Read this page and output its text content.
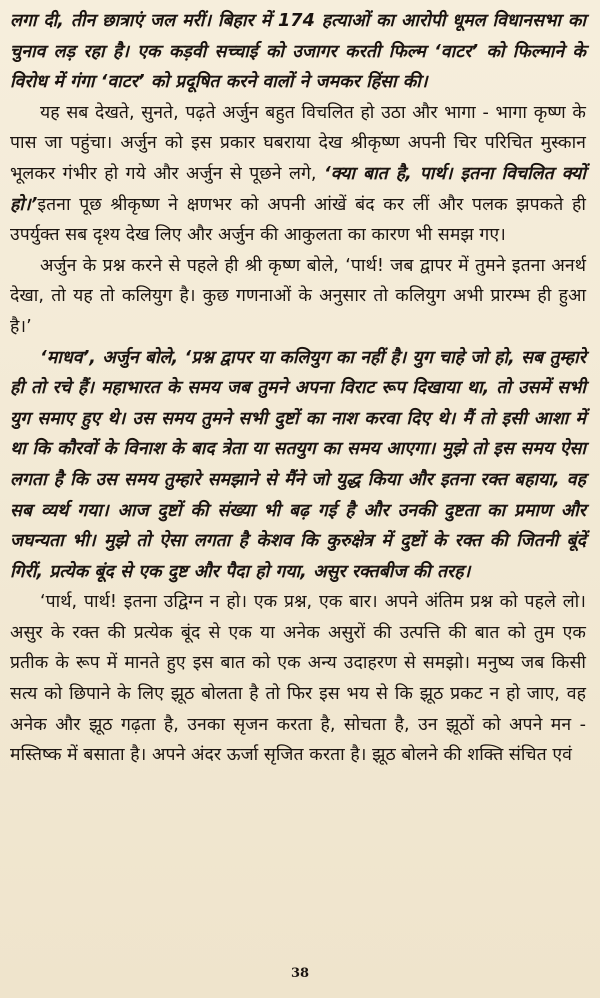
लगा दी, तीन छात्राएं जल मरीं। बिहार में 174 हत्याओं का आरोपी धूमल विधानसभा का चुनाव लड़ रहा है। एक कड़वी सच्चाई को उजागर करती फिल्म ‘वाटर’ को फिल्माने के विरोध में गंगा ‘वाटर’ को प्रदूषित करने वालों ने जमकर हिंसा की।

यह सब देखते, सुनते, पढ़ते अर्जुन बहुत विचलित हो उठा और भागा - भागा कृष्ण के पास जा पहुंचा। अर्जुन को इस प्रकार घबराया देख श्रीकृष्ण अपनी चिर परिचित मुस्कान भूलकर गंभीर हो गये और अर्जुन से पूछने लगे, ‘क्या बात है, पार्थ। इतना विचलित क्यों हो।’इतना पूछ श्रीकृष्ण ने क्षणभर को अपनी आंखें बंद कर लीं और पलक झपकते ही उपर्युक्त सब दृश्य देख लिए और अर्जुन की आकुलता का कारण भी समझ गए।

अर्जुन के प्रश्न करने से पहले ही श्री कृष्ण बोले, ‘पार्थ! जब द्वापर में तुमने इतना अनर्थ देखा, तो यह तो कलियुग है। कुछ गणनाओं के अनुसार तो कलियुग अभी प्रारम्भ ही हुआ है।’

‘माधव’, अर्जुन बोले, ‘प्रश्न द्वापर या कलियुग का नहीं है। युग चाहे जो हो, सब तुम्हारे ही तो रचे हैं। महाभारत के समय जब तुमने अपना विराट रूप दिखाया था, तो उसमें सभी युग समाए हुए थे। उस समय तुमने सभी दुष्टों का नाश करवा दिए थे। मैं तो इसी आशा में था कि कौरवों के विनाश के बाद त्रेता या सतयुग का समय आएगा। मुझे तो इस समय ऐसा लगता है कि उस समय तुम्हारे समझाने से मैंने जो युद्ध किया और इतना रक्त बहाया, वह सब व्यर्थ गया। आज दुष्टों की संख्या भी बढ़ गई है और उनकी दुष्टता का प्रमाण और जघन्यता भी। मुझे तो ऐसा लगता है केशव कि कुरुक्षेत्र में दुष्टों के रक्त की जितनी बूंदें गिरीं, प्रत्येक बूंद से एक दुष्ट और पैदा हो गया, असुर रक्तबीज की तरह।

‘पार्थ, पार्थ! इतना उद्विग्न न हो। एक प्रश्न, एक बार। अपने अंतिम प्रश्न को पहले लो। असुर के रक्त की प्रत्येक बूंद से एक या अनेक असुरों की उत्पत्ति की बात को तुम एक प्रतीक के रूप में मानते हुए इस बात को एक अन्य उदाहरण से समझो। मनुष्य जब किसी सत्य को छिपाने के लिए झूठ बोलता है तो फिर इस भय से कि झूठ प्रकट न हो जाए, वह अनेक और झूठ गढ़ता है, उनका सृजन करता है, सोचता है, उन झूठों को अपने मन - मस्तिष्क में बसाता है। अपने अंदर ऊर्जा सृजित करता है। झूठ बोलने की शक्ति संचित एवं

38
